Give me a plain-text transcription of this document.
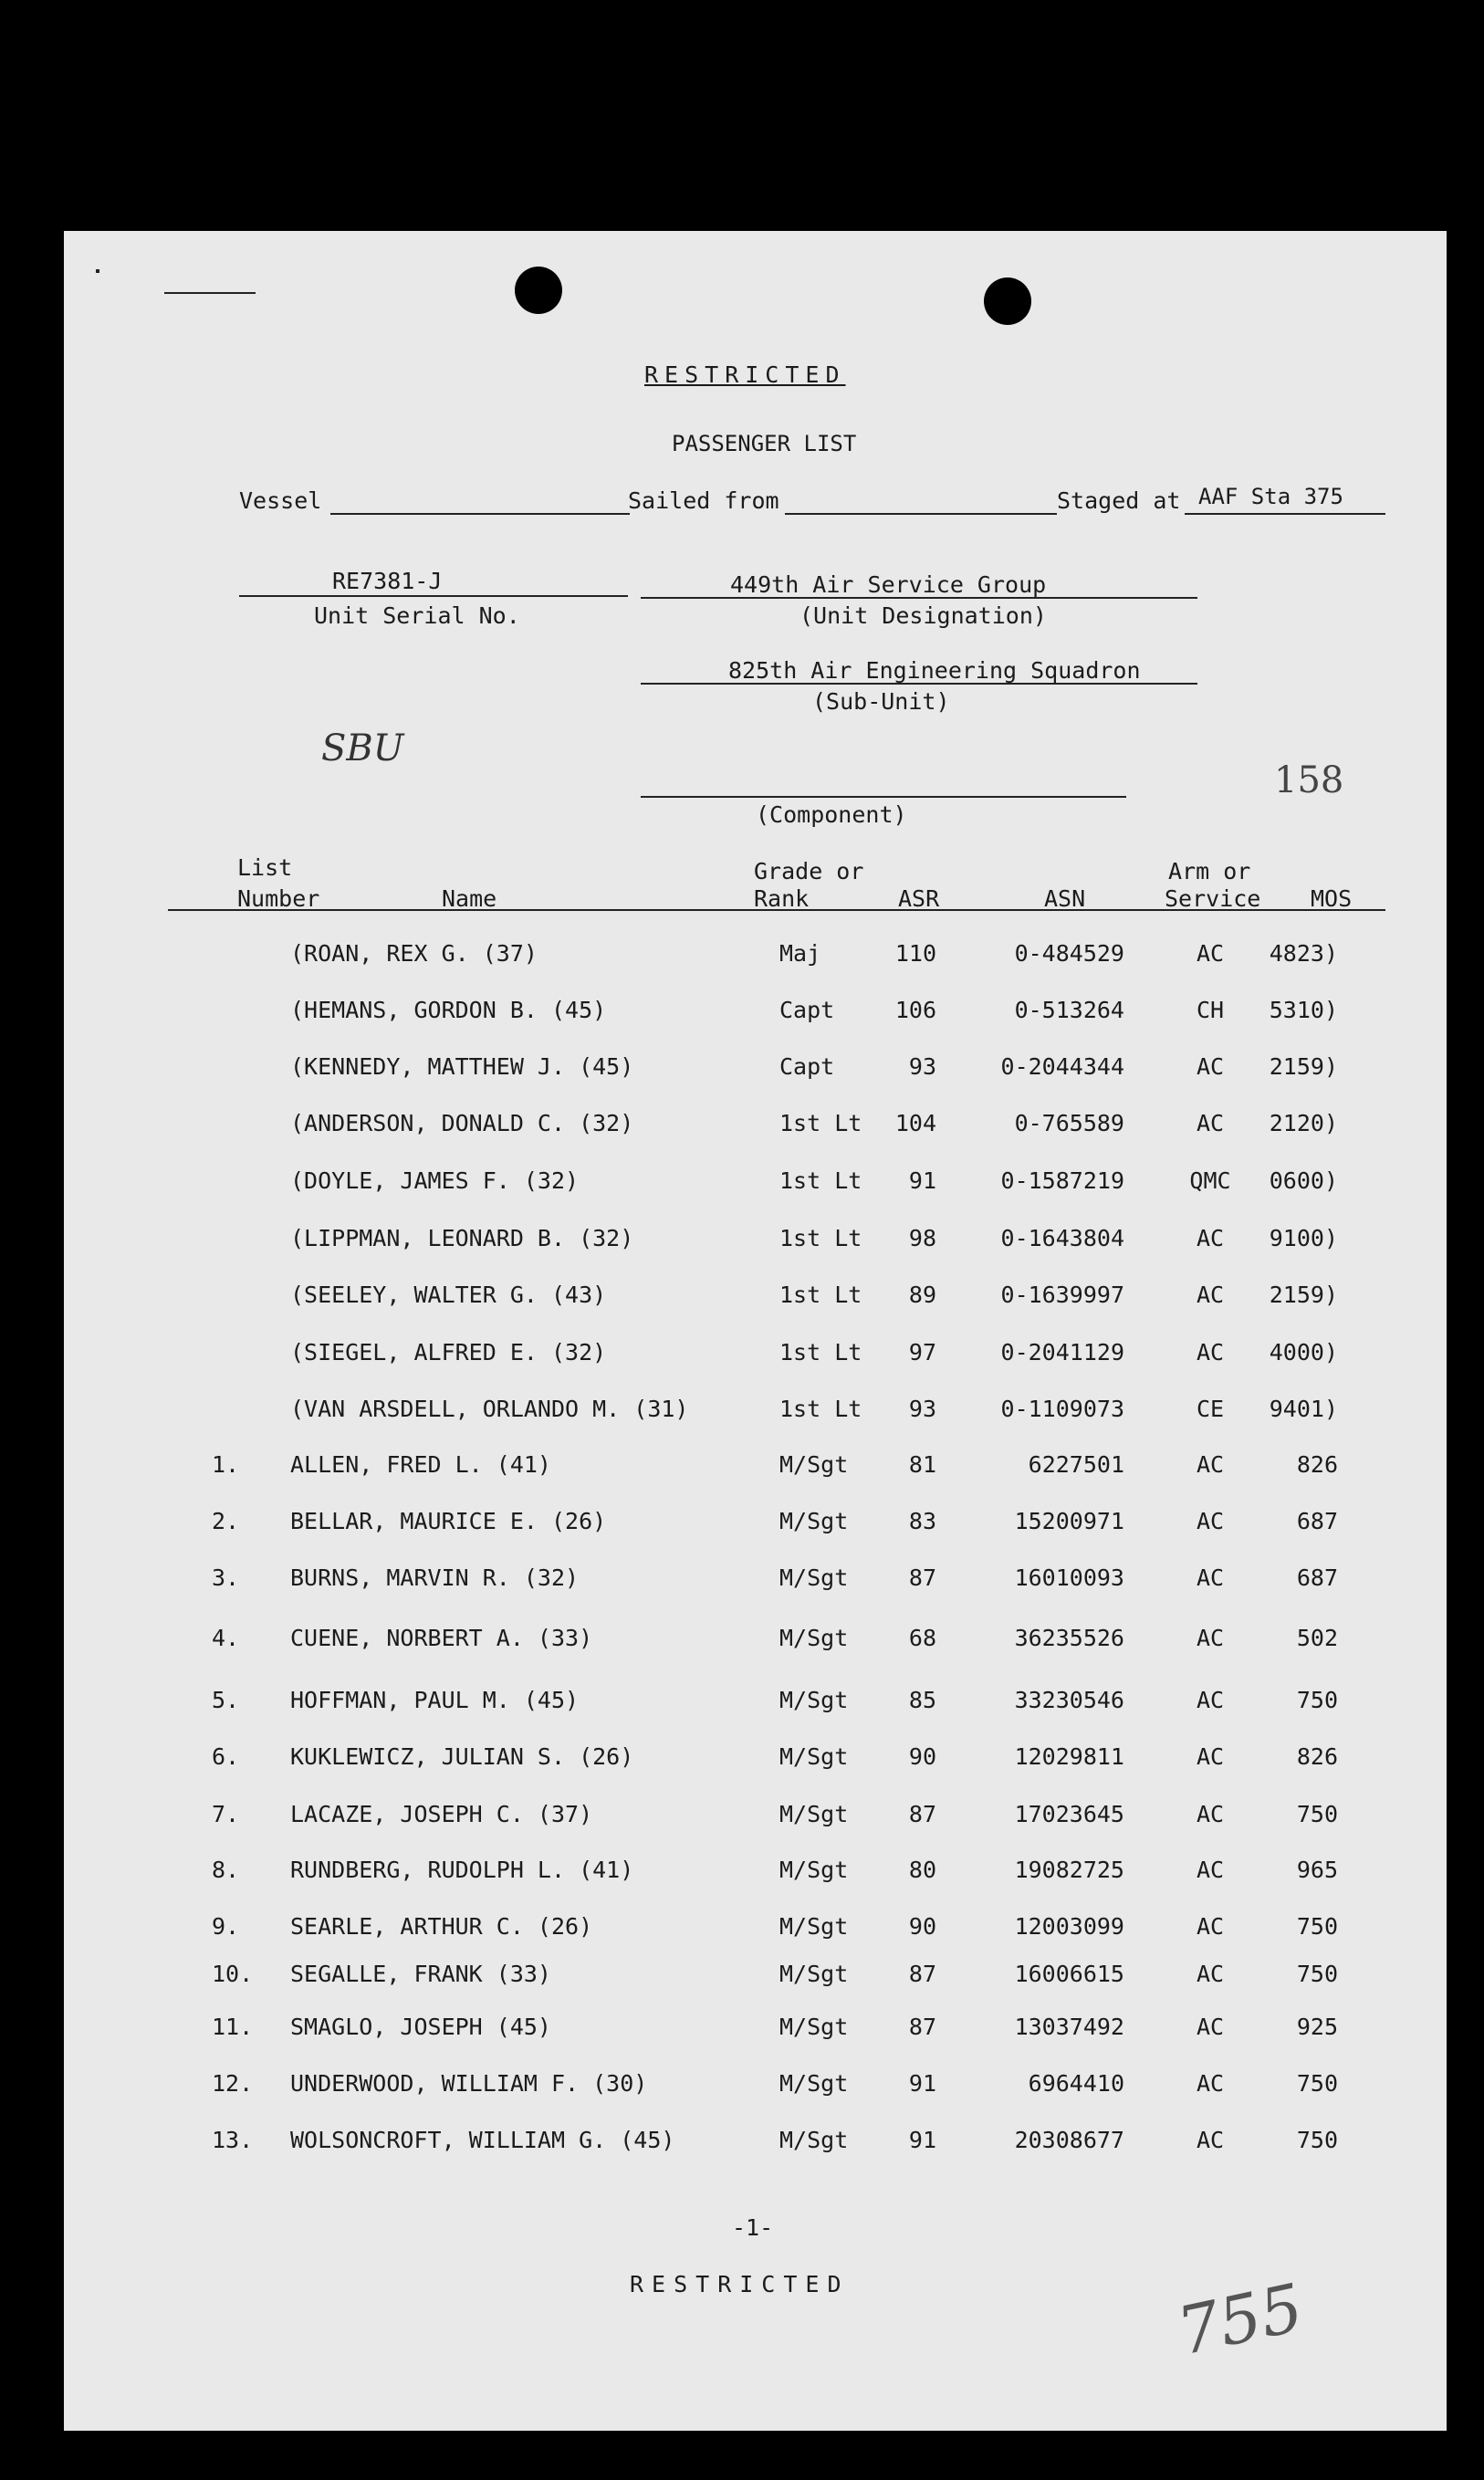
RESTRICTED
PASSENGER LIST
Vessel	Sailed from	Staged at AAF Sta 375
RE7381-J
Unit Serial No.
449th Air Service Group
(Unit Designation)
825th Air Engineering Squadron
(Sub-Unit)
SBU
158
(Component)
List
Number	Name
Grade or
Rank	ASR	ASN
Arm or
Service MOS
(ROAN, REX G. (37)	Maj	110	0-484529	AC	4823)
(HEMANS, GORDON B. (45)	Capt	106	0-513264	CH	5310)
(KENNEDY, MATTHEW J. (45)	Capt	93	0-2044344	AC	2159)
(ANDERSON, DONALD C. (32)	1st Lt 104	0-765589	AC	2120)
(DOYLE, JAMES F. (32)	1st Lt 91	0-1587219	QMC	0600)
(LIPPMAN, LEONARD B. (32)	1st Lt 98	0-1643804	AC	9100)
(SEELEY, WALTER G. (43)	1st Lt 89	0-1639997	AC	2159)
(SIEGEL, ALFRED E. (32)	1st Lt 97	0-2041129	AC	4000)
(VAN ARSDELL, ORLANDO M. (31)	1st Lt 93	0-1109073	CE	9401)
1. ALLEN, FRED L. (41)	M/Sgt	81	6227501	AC	826
2. BELLAR, MAURICE E. (26)	M/Sgt	83	15200971	AC	687
3. BURNS, MARVIN R. (32)	M/Sgt	87	16010093	AC	687
4. CUENE, NORBERT A. (33)	M/Sgt	68	36235526	AC	502
5. HOFFMAN, PAUL M. (45)	M/Sgt	85	33230546	AC	750
6. KUKLEWICZ, JULIAN S. (26)	M/Sgt	90	12029811	AC	826
7. LACAZE, JOSEPH C. (37)	M/Sgt	87	17023645	AC	750
8. RUNDBERG, RUDOLPH L. (41)	M/Sgt	80	19082725	AC	965
9. SEARLE, ARTHUR C. (26)	M/Sgt	90	12003099	AC	750
10. SEGALLE, FRANK (33)	M/Sgt	87	16006615	AC	750
11. SMAGLO, JOSEPH (45)	M/Sgt	87	13037492	AC	925
12. UNDERWOOD, WILLIAM F. (30)	M/Sgt	91	6964410	AC	750
13. WOLSONCROFT, WILLIAM G. (45)	M/Sgt	91	20308677	AC	750
-1-
RESTRICTED	755
